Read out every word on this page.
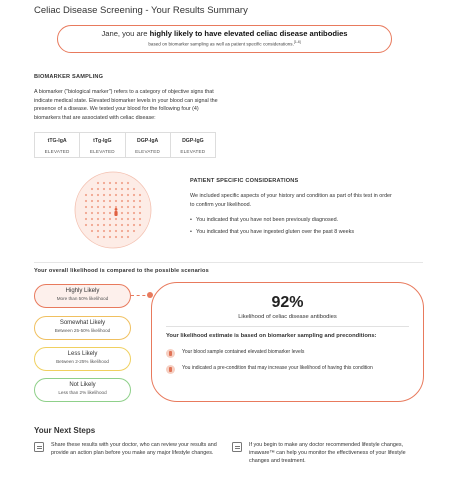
Celiac Disease Screening - Your Results Summary
Jane, you are highly likely to have elevated celiac disease antibodies
based on biomarker sampling as well as patient specific considerations.[1-6]
BIOMARKER SAMPLING
A biomarker ("biological marker") refers to a category of objective signs that indicate medical state. Elevated biomarker levels in your blood can signal the presence of a disease. We tested your blood for the following four (4) biomarkers that are associated with celiac disease:
tTG-IgA
ELEVATED
tTg-IgG
ELEVATED
DGP-IgA
ELEVATED
DGP-IgG
ELEVATED
PATIENT SPECIFIC CONSIDERATIONS
We included specific aspects of your history and condition as part of this test in order to confirm your likelihood.
• You indicated that you have not been previously diagnosed.
• You indicated that you have ingested gluten over the past 8 weeks
Your overall likelihood is compared to the possible scenarios
Highly Likely
More than 50% likelihood
Somewhat Likely
Between 25-50% likelihood
Less Likely
Between 2-25% likelihood
Not Likely
Less than 2% likelihood
92%
Likelihood of celiac disease antibodies
Your likelihood estimate is based on biomarker sampling and preconditions:
Your blood sample contained elevated biomarker levels
You indicated a pre-condition that may increase your likelihood of having this condition
Your Next Steps
Share these results with your doctor, who can review your results and provide an action plan before you make any major lifestyle changes.
If you begin to make any doctor recommended lifestyle changes, imaware™ can help you monitor the effectiveness of your lifestyle changes and treatment.
